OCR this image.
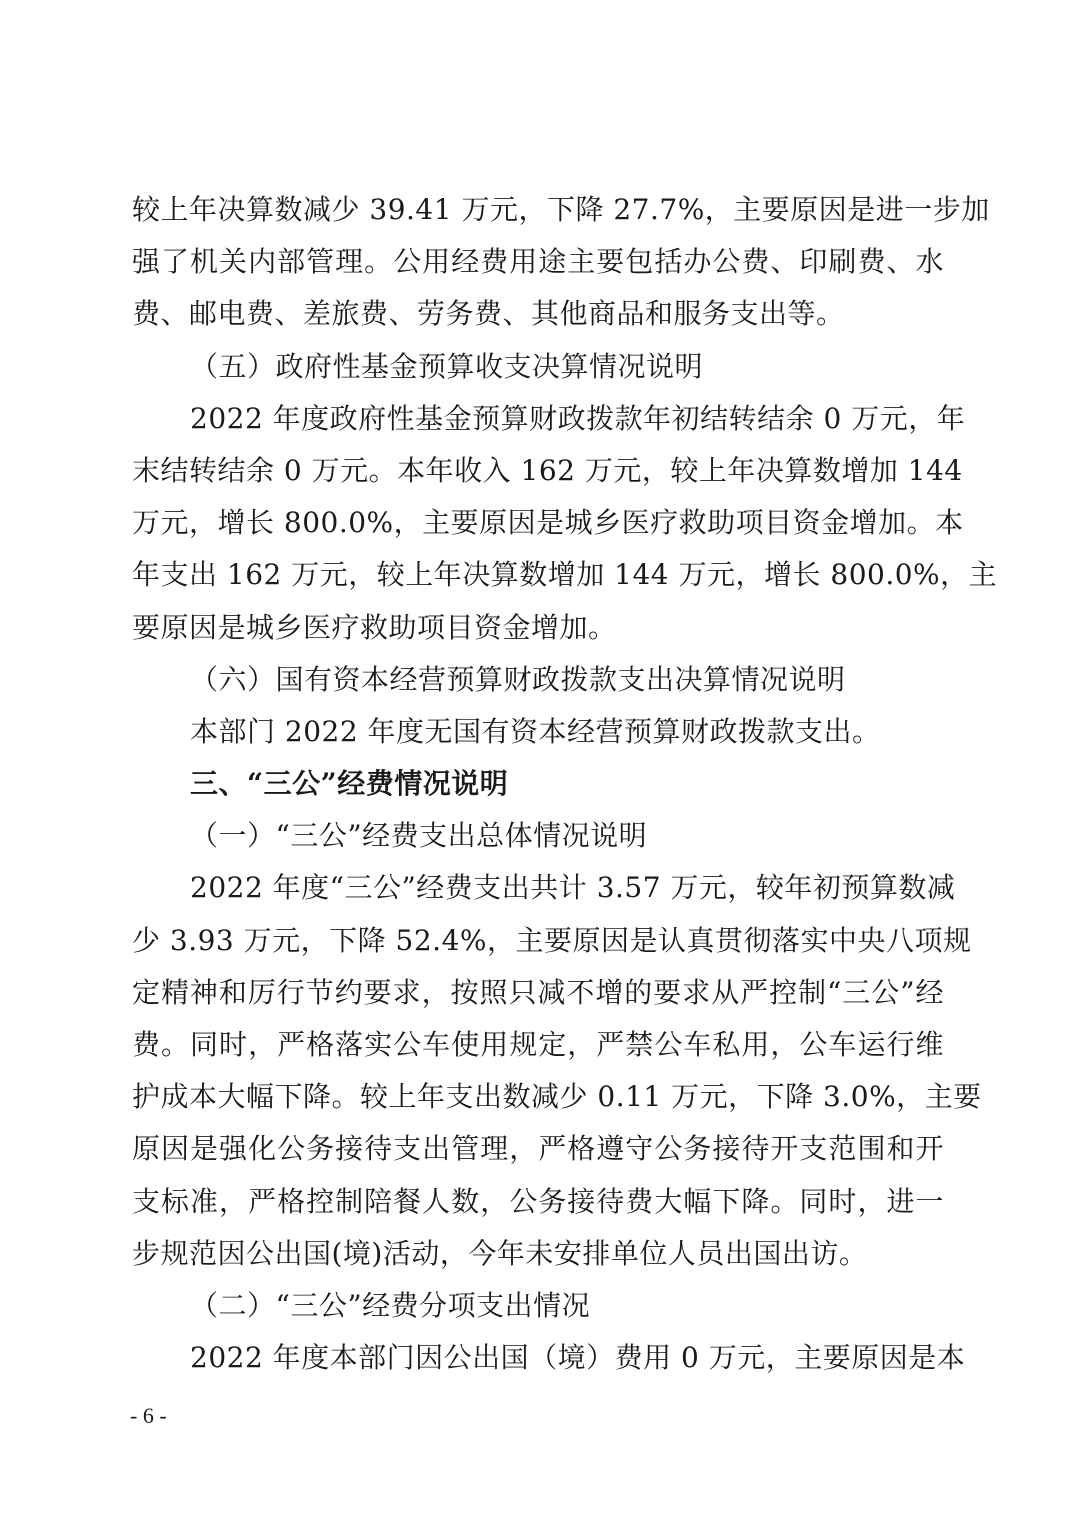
较上年决算数减少 39.41 万元，下降 27.7%，主要原因是进一步加
强了机关内部管理。公用经费用途主要包括办公费、印刷费、水
费、邮电费、差旅费、劳务费、其他商品和服务支出等。
（五）政府性基金预算收支决算情况说明
2022 年度政府性基金预算财政拨款年初结转结余 0 万元，年
末结转结余 0 万元。本年收入 162 万元，较上年决算数增加 144
万元，增长 800.0%，主要原因是城乡医疗救助项目资金增加。本
年支出 162 万元，较上年决算数增加 144 万元，增长 800.0%，主
要原因是城乡医疗救助项目资金增加。
（六）国有资本经营预算财政拨款支出决算情况说明
本部门 2022 年度无国有资本经营预算财政拨款支出。
三、“三公”经费情况说明
（一）“三公”经费支出总体情况说明
2022 年度“三公”经费支出共计 3.57 万元，较年初预算数减
少 3.93 万元，下降 52.4%，主要原因是认真贯彻落实中央八项规
定精神和厉行节约要求，按照只减不增的要求从严控制“三公”经
费。同时，严格落实公车使用规定，严禁公车私用，公车运行维
护成本大幅下降。较上年支出数减少 0.11 万元，下降 3.0%，主要
原因是强化公务接待支出管理，严格遵守公务接待开支范围和开
支标准，严格控制陪餐人数，公务接待费大幅下降。同时，进一
步规范因公出国(境)活动，今年未安排单位人员出国出访。
（二）“三公”经费分项支出情况
2022 年度本部门因公出国（境）费用 0 万元，主要原因是本
- 6 -
